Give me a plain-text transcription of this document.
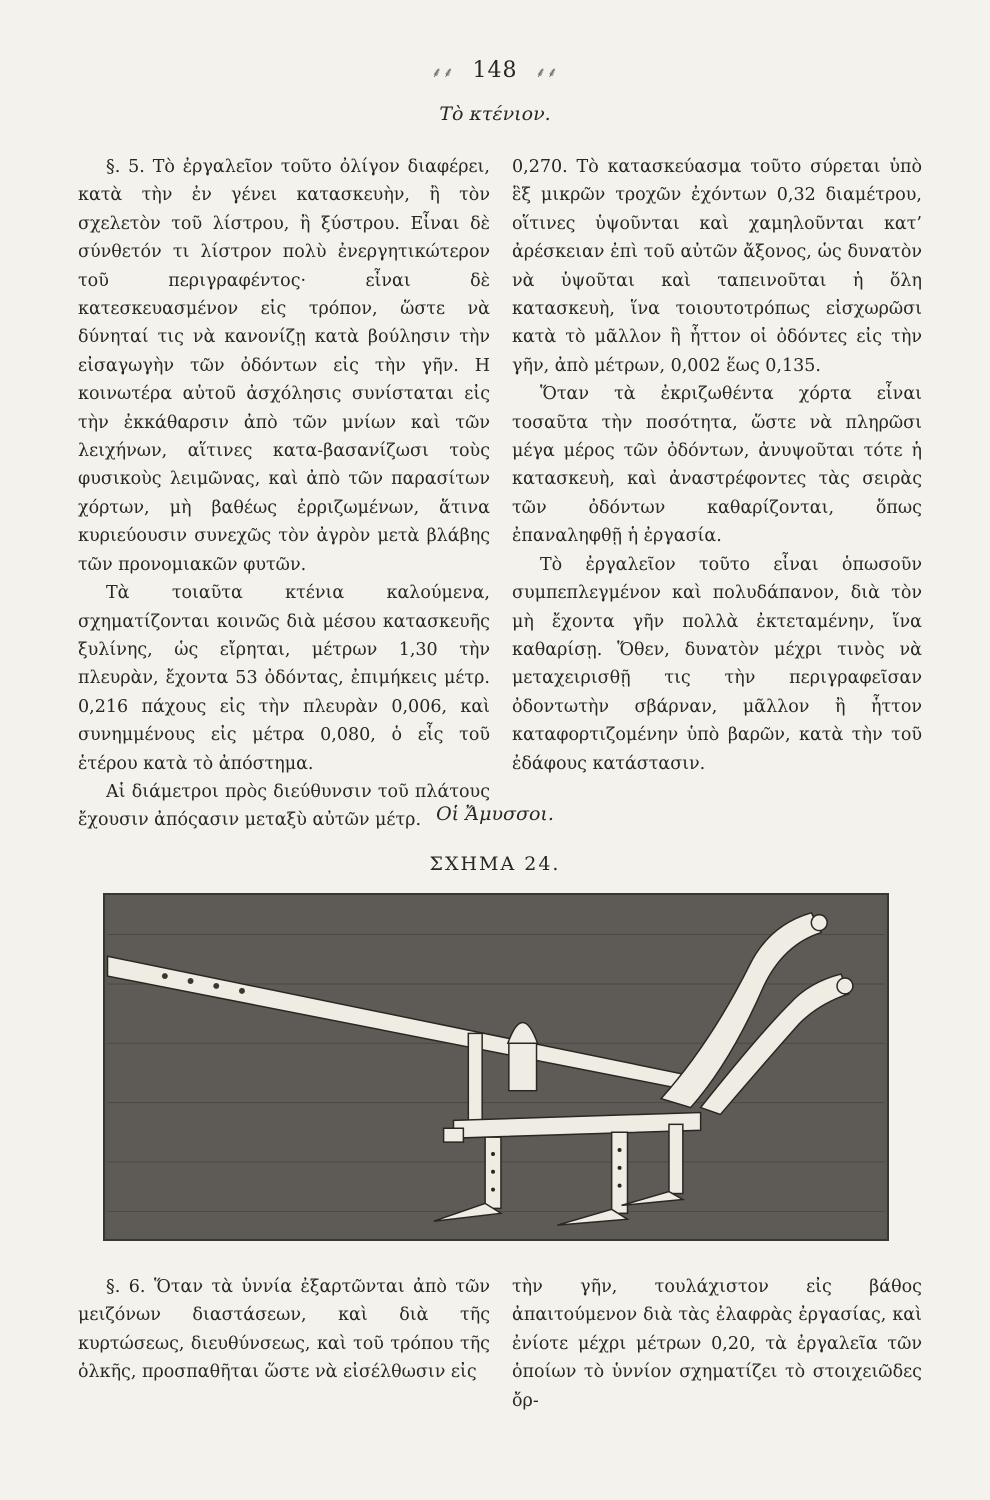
⸙⸙ 148 ⸙⸙
Τὸ κτένιον.

§. 5. Τὸ ἐργαλεῖον τοῦτο ὀλίγον διαφέρει, κατὰ τὴν ἐν γένει κατασκευὴν, ἢ τὸν σχελετὸν τοῦ λίστρου, ἢ ξύστρου. Εἶναι δὲ σύνθετόν τι λίστρον πολὺ ἐνεργητικώτερον τοῦ περιγραφέντος· εἶναι δὲ κατεσκευασμένον εἰς τρόπον, ὥστε νὰ δύνηταί τις νὰ κανονίζῃ κατὰ βούλησιν τὴν εἰσαγωγὴν τῶν ὀδόντων εἰς τὴν γῆν. Η κοινωτέρα αὐτοῦ ἀσχόλησις συνίσταται εἰς τὴν ἐκκάθαρσιν ἀπὸ τῶν μνίων καὶ τῶν λειχήνων, αἵτινες κατα-βασανίζωσι τοὺς φυσικοὺς λειμῶνας, καὶ ἀπὸ τῶν παρασίτων χόρτων, μὴ βαθέως ἐρριζωμένων, ἅτινα κυριεύουσιν συνεχῶς τὸν ἀγρὸν μετὰ βλάβης τῶν προνομιακῶν φυτῶν.

Τὰ τοιαῦτα κτένια καλούμενα, σχηματίζονται κοινῶς διὰ μέσου κατασκευῆς ξυλίνης, ὡς εἴρηται, μέτρων 1,30 τὴν πλευρὰν, ἔχοντα 53 ὀδόντας, ἐπιμήκεις μέτρ. 0,216 πάχους εἰς τὴν πλευρὰν 0,006, καὶ συνημμένους εἰς μέτρα 0,080, ὁ εἷς τοῦ ἑτέρου κατὰ τὸ ἀπόστημα.

Αἱ διάμετροι πρὸς διεύθυνσιν τοῦ πλάτους ἔχουσιν ἀπόςασιν μεταξὺ αὐτῶν μέτρ.

0,270. Τὸ κατασκεύασμα τοῦτο σύρεται ὑπὸ ἓξ μικρῶν τροχῶν ἐχόντων 0,32 διαμέτρου, οἵτινες ὑψοῦνται καὶ χαμηλοῦνται κατ’ ἀρέσκειαν ἐπὶ τοῦ αὐτῶν ἄξονος, ὡς δυνατὸν νὰ ὑψοῦται καὶ ταπεινοῦται ἡ ὅλη κατασκευὴ, ἵνα τοιουτοτρόπως εἰσχωρῶσι κατὰ τὸ μᾶλλον ἢ ἧττον οἱ ὀδόντες εἰς τὴν γῆν, ἀπὸ μέτρων, 0,002 ἕως 0,135.

Ὅταν τὰ ἐκριζωθέντα χόρτα εἶναι τοσαῦτα τὴν ποσότητα, ὥστε νὰ πληρῶσι μέγα μέρος τῶν ὀδόντων, ἀνυψοῦται τότε ἡ κατασκευὴ, καὶ ἀναστρέφοντες τὰς σειρὰς τῶν ὀδόντων καθαρίζονται, ὅπως ἐπαναληφθῇ ἡ ἐργασία.

Τὸ ἐργαλεῖον τοῦτο εἶναι ὁπωσοῦν συμπεπλεγμένον καὶ πολυδάπανον, διὰ τὸν μὴ ἔχοντα γῆν πολλὰ ἐκτεταμένην, ἵνα καθαρίσῃ. Ὅθεν, δυνατὸν μέχρι τινὸς νὰ μεταχειρισθῇ τις τὴν περιγραφεῖσαν ὀδοντωτὴν σβάρναν, μᾶλλον ἢ ἧττον καταφορτιζομένην ὑπὸ βαρῶν, κατὰ τὴν τοῦ ἐδάφους κατάστασιν.

Οἱ Ἄμυσσοι.
ΣΧΗΜΑ 24.

§. 6. Ὅταν τὰ ὑννία ἐξαρτῶνται ἀπὸ τῶν μειζόνων διαστάσεων, καὶ διὰ τῆς κυρτώσεως, διευθύνσεως, καὶ τοῦ τρόπου τῆς ὁλκῆς, προσπαθῆται ὥστε νὰ εἰσέλθωσιν εἰς

τὴν γῆν, τουλάχιστον εἰς βάθος ἀπαιτούμενον διὰ τὰς ἐλαφρὰς ἐργασίας, καὶ ἐνίοτε μέχρι μέτρων 0,20, τὰ ἐργαλεῖα τῶν ὁποίων τὸ ὑννίον σχηματίζει τὸ στοιχειῶδες ὄρ-
